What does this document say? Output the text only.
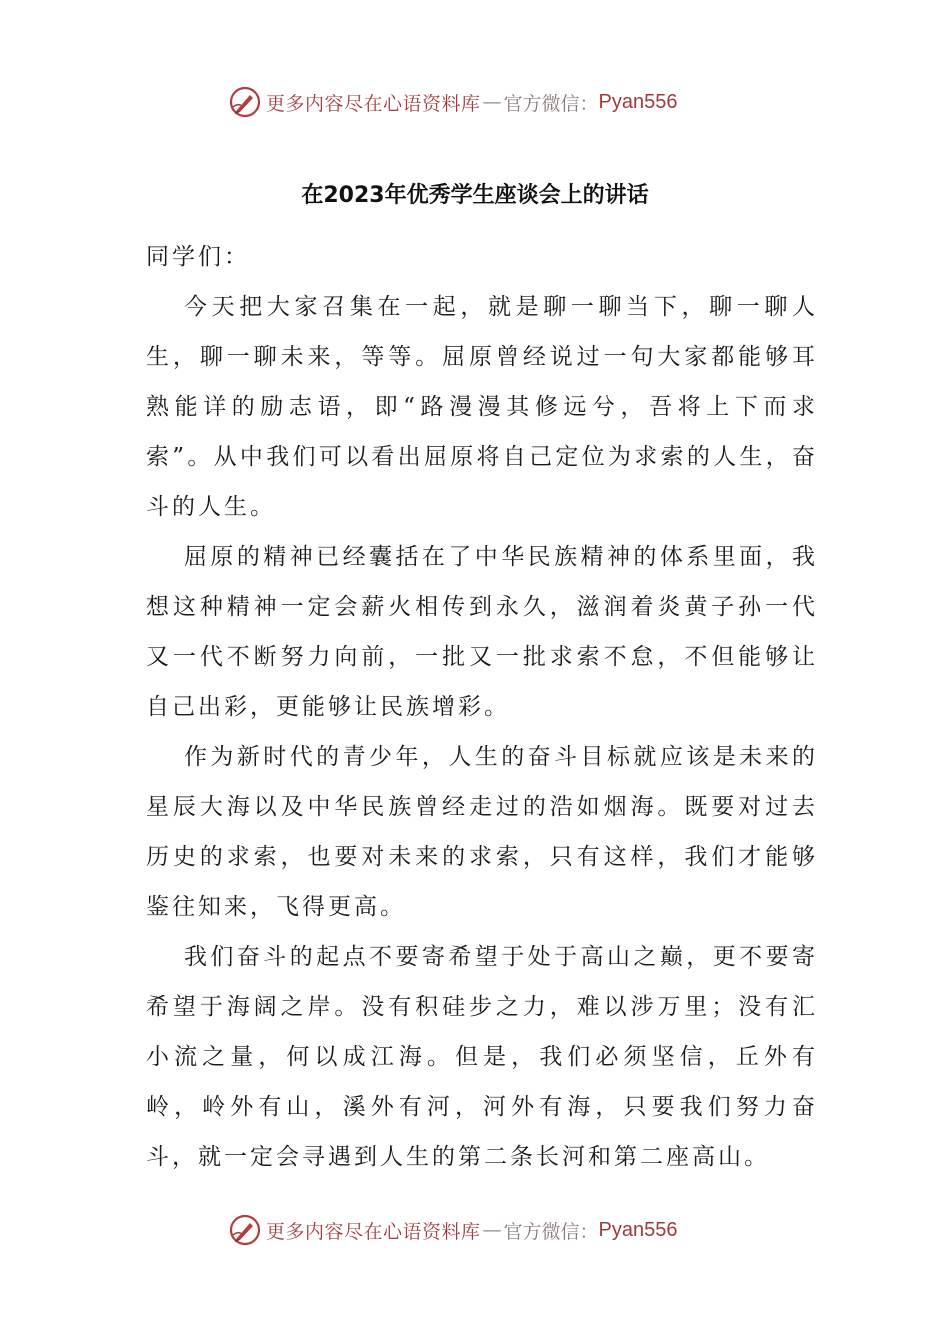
更多内容尽在心语资料库 — 官方微信： Pyan556
在2023年优秀学生座谈会上的讲话

同学们：

今天把大家召集在一起，就是聊一聊当下，聊一聊人生，聊一聊未来，等等。屈原曾经说过一句大家都能够耳熟能详的励志语，即“路漫漫其修远兮，吾将上下而求索”。从中我们可以看出屈原将自己定位为求索的人生，奋斗的人生。

屈原的精神已经囊括在了中华民族精神的体系里面，我想这种精神一定会薪火相传到永久，滋润着炎黄子孙一代又一代不断努力向前，一批又一批求索不怠，不但能够让自己出彩，更能够让民族增彩。

作为新时代的青少年，人生的奋斗目标就应该是未来的星辰大海以及中华民族曾经走过的浩如烟海。既要对过去历史的求索，也要对未来的求索，只有这样，我们才能够鉴往知来，飞得更高。

我们奋斗的起点不要寄希望于处于高山之巅，更不要寄希望于海阔之岸。没有积硅步之力，难以涉万里；没有汇小流之量，何以成江海。但是，我们必须坚信，丘外有岭，岭外有山，溪外有河，河外有海，只要我们努力奋斗，就一定会寻遇到人生的第二条长河和第二座高山。

更多内容尽在心语资料库 — 官方微信： Pyan556
